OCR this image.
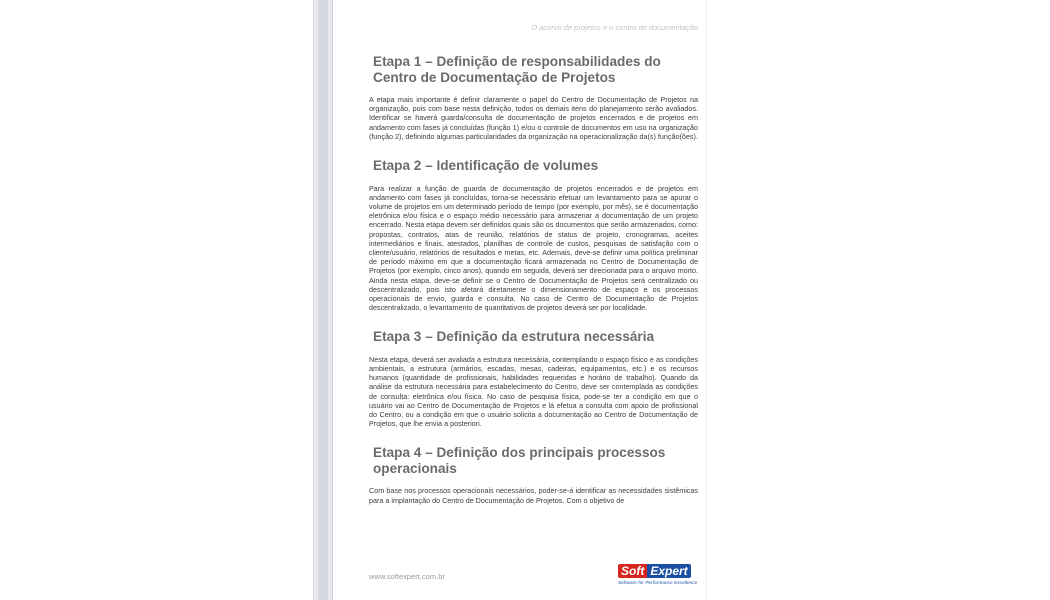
O acervo de projetos e o centro de documentação
Etapa 1 – Definição de responsabilidades do Centro de Documentação de Projetos

A etapa mais importante é definir claramente o papel do Centro de Documentação de Projetos na organização, pois com base nesta definição, todos os demais itens do planejamento serão avaliados. Identificar se haverá guarda/consulta de documentação de projetos encerrados e de projetos em andamento com fases já concluídas (função 1) e/ou o controle de documentos em uso na organização (função 2), definindo algumas particularidades da organização na operacionalização da(s) função(ões).

Etapa 2 – Identificação de volumes

Para realizar a função de guarda de documentação de projetos encerrados e de projetos em andamento com fases já concluídas, torna-se necessário efetuar um levantamento para se apurar o volume de projetos em um determinado período de tempo (por exemplo, por mês), se é documentação eletrônica e/ou física e o espaço médio necessário para armazenar a documentação de um projeto encerrado. Nesta etapa devem ser definidos quais são os documentos que serão armazenados, como: propostas, contratos, atas de reunião, relatórios de status de projeto, cronogramas, aceites intermediários e finais, atestados, planilhas de controle de custos, pesquisas de satisfação com o cliente/usuário, relatórios de resultados e metas, etc. Ademais, deve-se definir uma política preliminar de período máximo em que a documentação ficará armazenada no Centro de Documentação de Projetos (por exemplo, cinco anos), quando em seguida, deverá ser direcionada para o arquivo morto. Ainda nesta etapa, deve-se definir se o Centro de Documentação de Projetos será centralizado ou descentralizado, pois isto afetará diretamente o dimensionamento de espaço e os processos operacionais de envio, guarda e consulta. No caso de Centro de Documentação de Projetos descentralizado, o levantamento de quantitativos de projetos deverá ser por localidade.

Etapa 3 – Definição da estrutura necessária

Nesta etapa, deverá ser avaliada a estrutura necessária, contemplando o espaço físico e as condições ambientais, a estrutura (armários, escadas, mesas, cadeiras, equipamentos, etc.) e os recursos humanos (quantidade de profissionais, habilidades requeridas e horário de trabalho). Quando da análise da estrutura necessária para estabelecimento do Centro, deve ser contemplada as condições de consulta: eletrônica e/ou física. No caso de pesquisa física, pode-se ter a condição em que o usuário vai ao Centro de Documentação de Projetos e lá efetua a consulta com apoio de profissional do Centro, ou a condição em que o usuário solicita a documentação ao Centro de Documentação de Projetos, que lhe envia a posteriori.

Etapa 4 – Definição dos principais processos operacionais

Com base nos processos operacionais necessários, poder-se-á identificar as necessidades sistêmicas para a implantação do Centro de Documentação de Projetos. Com o objetivo de

www.softexpert.com.br	Soft Expert
Software for Performance Excellence
